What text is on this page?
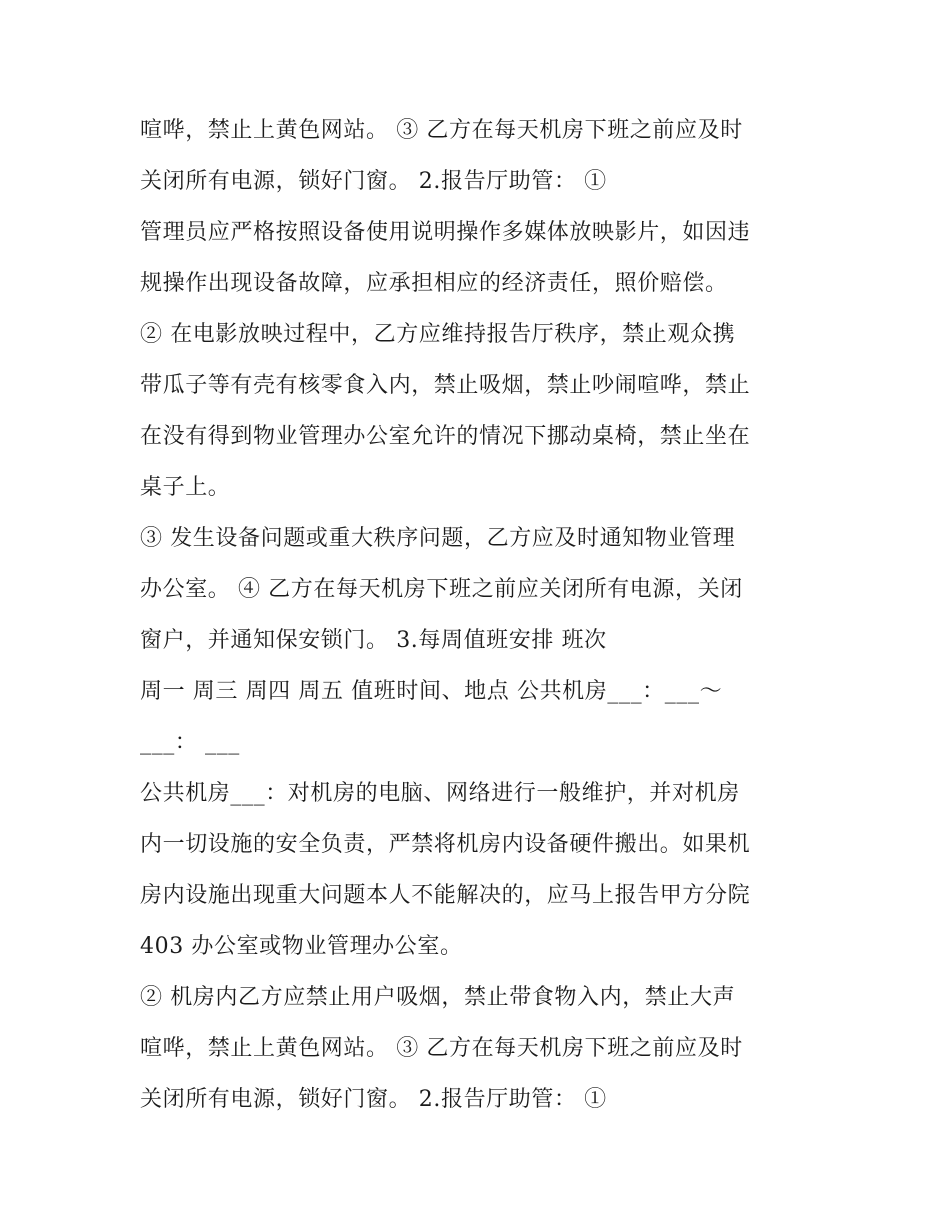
喧哗，禁止上黄色网站。 ③ 乙方在每天机房下班之前应及时
关闭所有电源，锁好门窗。 2.报告厅助管： ①
管理员应严格按照设备使用说明操作多媒体放映影片，如因违
规操作出现设备故障，应承担相应的经济责任，照价赔偿。
② 在电影放映过程中，乙方应维持报告厅秩序，禁止观众携
带瓜子等有壳有核零食入内，禁止吸烟，禁止吵闹喧哗，禁止
在没有得到物业管理办公室允许的情况下挪动桌椅，禁止坐在
桌子上。
③ 发生设备问题或重大秩序问题，乙方应及时通知物业管理
办公室。 ④ 乙方在每天机房下班之前应关闭所有电源，关闭
窗户，并通知保安锁门。 3.每周值班安排 班次
周一 周三 周四 周五 值班时间、地点 公共机房___：___～
___： ___
公共机房___：对机房的电脑、网络进行一般维护，并对机房
内一切设施的安全负责，严禁将机房内设备硬件搬出。如果机
房内设施出现重大问题本人不能解决的，应马上报告甲方分院
403 办公室或物业管理办公室。
② 机房内乙方应禁止用户吸烟，禁止带食物入内，禁止大声
喧哗，禁止上黄色网站。 ③ 乙方在每天机房下班之前应及时
关闭所有电源，锁好门窗。 2.报告厅助管： ①
